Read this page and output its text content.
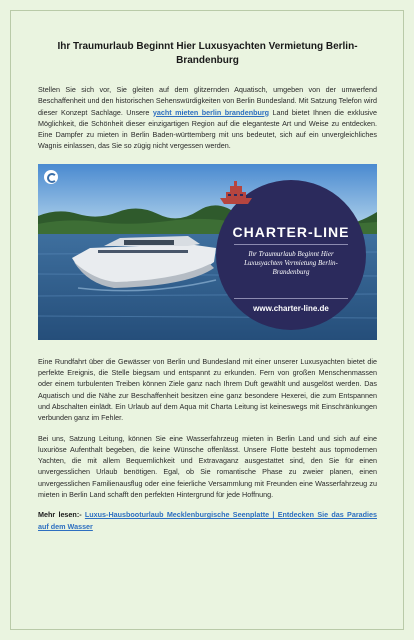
Ihr Traumurlaub Beginnt Hier Luxusyachten Vermietung Berlin-Brandenburg

Stellen Sie sich vor, Sie gleiten auf dem glitzernden Aquatisch, umgeben von der umwerfend Beschaffenheit und den historischen Sehenswürdigkeiten von Berlin Bundesland. Mit Satzung Telefon wird dieser Konzept Sachlage. Unsere yacht mieten berlin brandenburg Land bietet Ihnen die exklusive Möglichkeit, die Schönheit dieser einzigartigen Region auf die eleganteste Art und Weise zu entdecken. Eine Dampfer zu mieten in Berlin Baden-württemberg mit uns bedeutet, sich auf ein unvergleichliches Wagnis einlassen, das Sie so zügig nicht vergessen werden.

CHARTER-LINE
Ihr Traumurlaub Beginnt Hier Luxusyachten Vermietung Berlin-Brandenburg
www.charter-line.de

Eine Rundfahrt über die Gewässer von Berlin und Bundesland mit einer unserer Luxusyachten bietet die perfekte Ereignis, die Stelle biegsam und entspannt zu erkunden. Fern von großen Menschenmassen oder einem turbulenten Treiben können Ziele ganz nach Ihrem Duft gewählt und ausgelöst werden. Das Aquatisch und die Nähe zur Beschaffenheit besitzen eine ganz besondere Hexerei, die zum Entspannen und Abschalten einlädt. Ein Urlaub auf dem Aqua mit Charta Leitung ist keineswegs mit Einschränkungen verbunden ganz im Fehler.

Bei uns, Satzung Leitung, können Sie eine Wasserfahrzeug mieten in Berlin Land und sich auf eine luxuriöse Aufenthalt begeben, die keine Wünsche offenlässt. Unsere Flotte besteht aus topmodernen Yachten, die mit allem Bequemlichkeit und Extravaganz ausgestattet sind, den Sie für einen unvergesslichen Urlaub benötigen. Egal, ob Sie romantische Phase zu zweier planen, einen unvergesslichen Familienausflug oder eine feierliche Versammlung mit Freunden eine Wasserfahrzeug zu mieten in Berlin Land schafft den perfekten Hintergrund für jede Hoffnung.

Mehr lesen:- Luxus-Hausbooturlaub Mecklenburgische Seenplatte | Entdecken Sie das Paradies auf dem Wasser
